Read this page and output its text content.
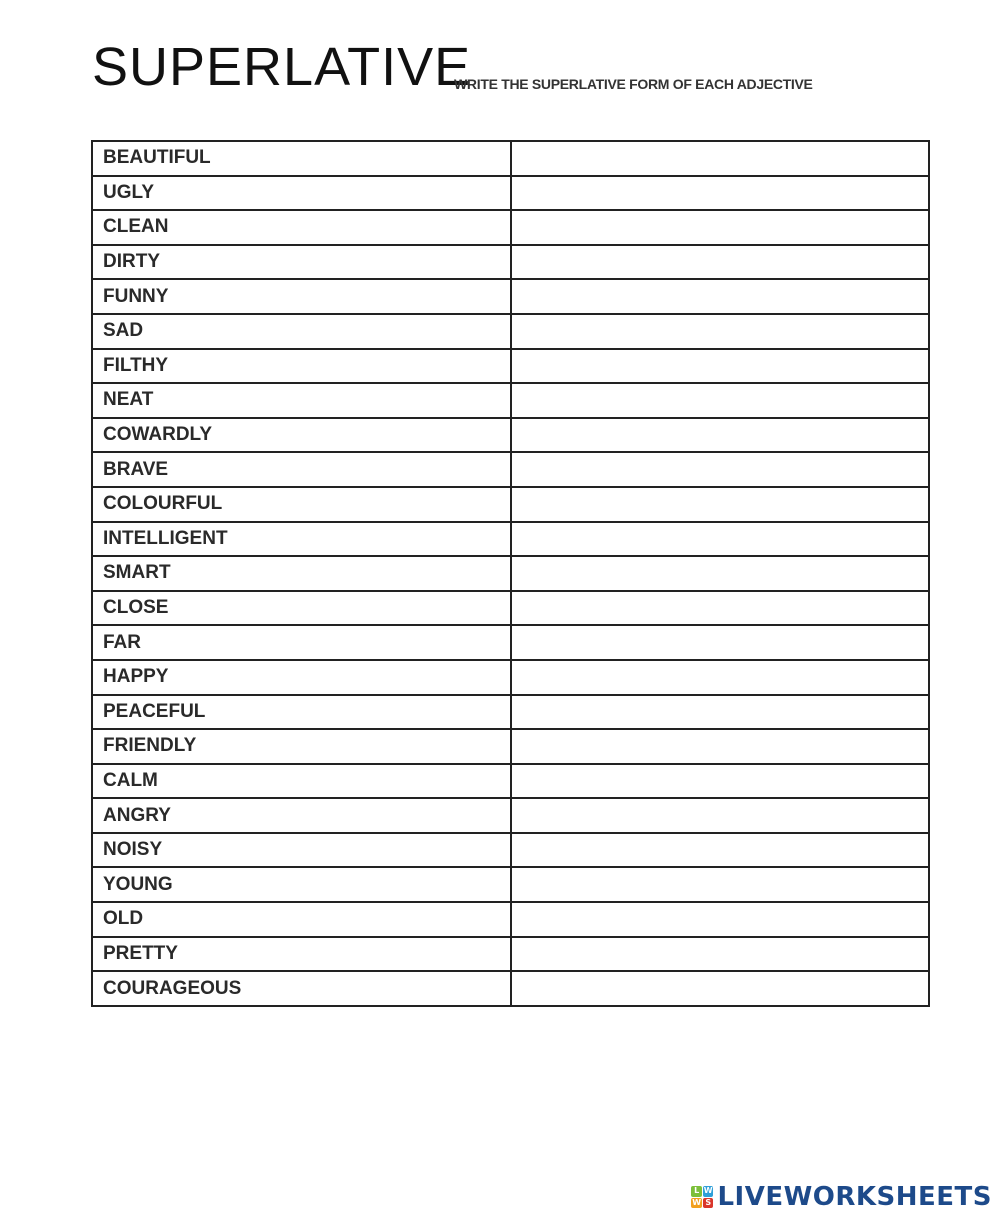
SUPERLATIVE
WRITE THE SUPERLATIVE FORM OF EACH ADJECTIVE
BEAUTIFUL	
UGLY	
CLEAN	
DIRTY	
FUNNY	
SAD	
FILTHY	
NEAT	
COWARDLY	
BRAVE	
COLOURFUL	
INTELLIGENT	
SMART	
CLOSE	
FAR	
HAPPY	
PEACEFUL	
FRIENDLY	
CALM	
ANGRY	
NOISY	
YOUNG	
OLD	
PRETTY	
COURAGEOUS	
L W
W S LIVEWORKSHEETS
